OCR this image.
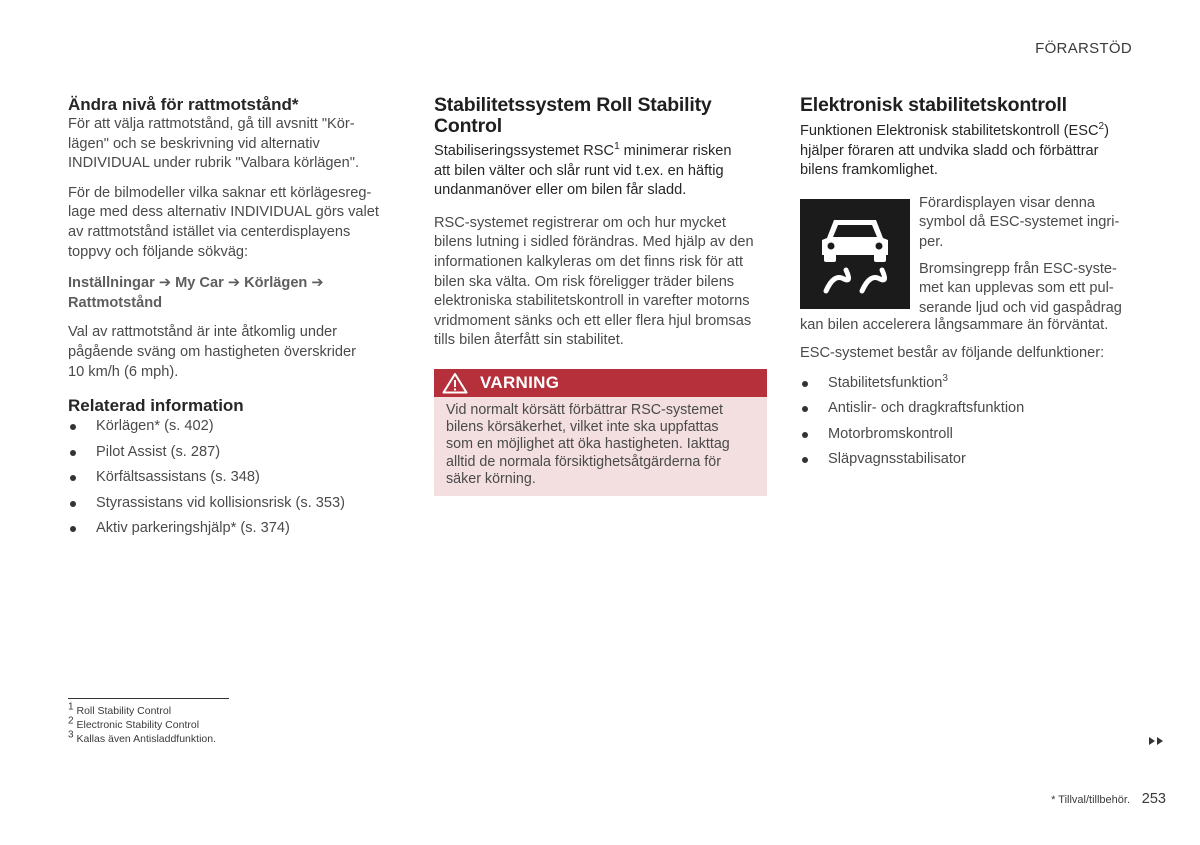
FÖRARSTÖD
Ändra nivå för rattmotstånd*

För att välja rattmotstånd, gå till avsnitt "Kör-
lägen" och se beskrivning vid alternativ
INDIVIDUAL under rubrik "Valbara körlägen".

För de bilmodeller vilka saknar ett körlägesreg-
lage med dess alternativ INDIVIDUAL görs valet
av rattmotstånd istället via centerdisplayens
toppvy och följande sökväg:

Inställningar ➔ My Car ➔ Körlägen ➔
Rattmotstånd

Val av rattmotstånd är inte åtkomlig under
pågående sväng om hastigheten överskrider
10 km/h (6 mph).

Relaterad information
Körlägen* (s. 402)
Pilot Assist (s. 287)
Körfältsassistans (s. 348)
Styrassistans vid kollisionsrisk (s. 353)
Aktiv parkeringshjälp* (s. 374)
Stabilitetssystem Roll Stability
Control

Stabiliseringssystemet RSC$^1$ minimerar risken
att bilen välter och slår runt vid t.ex. en häftig
undanmanöver eller om bilen får sladd.

RSC-systemet registrerar om och hur mycket
bilens lutning i sidled förändras. Med hjälp av den
informationen kalkyleras om det finns risk för att
bilen ska välta. Om risk föreligger träder bilens
elektroniska stabilitetskontroll in varefter motorns
vridmoment sänks och ett eller flera hjul bromsas
tills bilen återfått sin stabilitet.

VARNING
Vid normalt körsätt förbättrar RSC-systemet
bilens körsäkerhet, vilket inte ska uppfattas
som en möjlighet att öka hastigheten. Iakttag
alltid de normala försiktighetsåtgärderna för
säker körning.
Elektronisk stabilitetskontroll

Funktionen Elektronisk stabilitetskontroll (ESC$^2$)
hjälper föraren att undvika sladd och förbättrar
bilens framkomlighet.

Förardisplayen visar denna
symbol då ESC-systemet ingri-
per.

Bromsingrepp från ESC-syste-
met kan upplevas som ett pul-
serande ljud och vid gaspådrag

kan bilen accelerera långsammare än förväntat.

ESC-systemet består av följande delfunktioner:

Stabilitetsfunktion$^3$
Antislir- och dragkraftsfunktion
Motorbromskontroll
Släpvagnsstabilisator
$^1$ Roll Stability Control
$^2$ Electronic Stability Control
$^3$ Kallas även Antisladdfunktion.
* Tillval/tillbehör. 253
